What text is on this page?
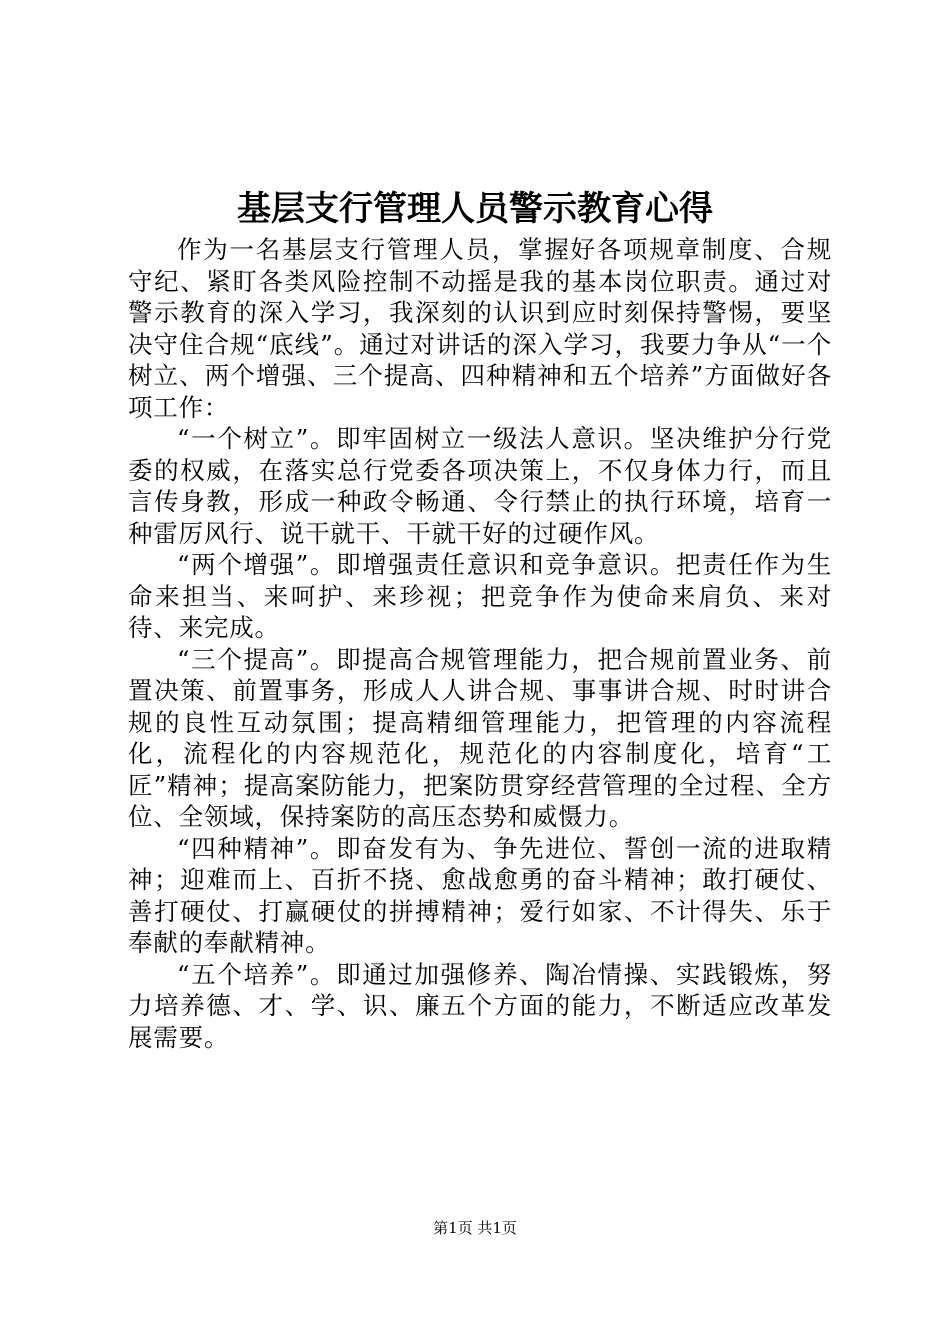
基层支行管理人员警示教育心得

作为一名基层支行管理人员，掌握好各项规章制度、合规守纪、紧盯各类风险控制不动摇是我的基本岗位职责。通过对警示教育的深入学习，我深刻的认识到应时刻保持警惕，要坚决守住合规“底线”。通过对讲话的深入学习，我要力争从“一个树立、两个增强、三个提高、四种精神和五个培养”方面做好各项工作：

“一个树立”。即牢固树立一级法人意识。坚决维护分行党委的权威，在落实总行党委各项决策上，不仅身体力行，而且言传身教，形成一种政令畅通、令行禁止的执行环境，培育一种雷厉风行、说干就干、干就干好的过硬作风。

“两个增强”。即增强责任意识和竞争意识。把责任作为生命来担当、来呵护、来珍视；把竞争作为使命来肩负、来对待、来完成。

“三个提高”。即提高合规管理能力，把合规前置业务、前置决策、前置事务，形成人人讲合规、事事讲合规、时时讲合规的良性互动氛围；提高精细管理能力，把管理的内容流程化，流程化的内容规范化，规范化的内容制度化，培育“工匠”精神；提高案防能力，把案防贯穿经营管理的全过程、全方位、全领域，保持案防的高压态势和威慑力。

“四种精神”。即奋发有为、争先进位、誓创一流的进取精神；迎难而上、百折不挠、愈战愈勇的奋斗精神；敢打硬仗、善打硬仗、打赢硬仗的拼搏精神；爱行如家、不计得失、乐于奉献的奉献精神。

“五个培养”。即通过加强修养、陶冶情操、实践锻炼，努力培养德、才、学、识、廉五个方面的能力，不断适应改革发展需要。

第1页 共1页
